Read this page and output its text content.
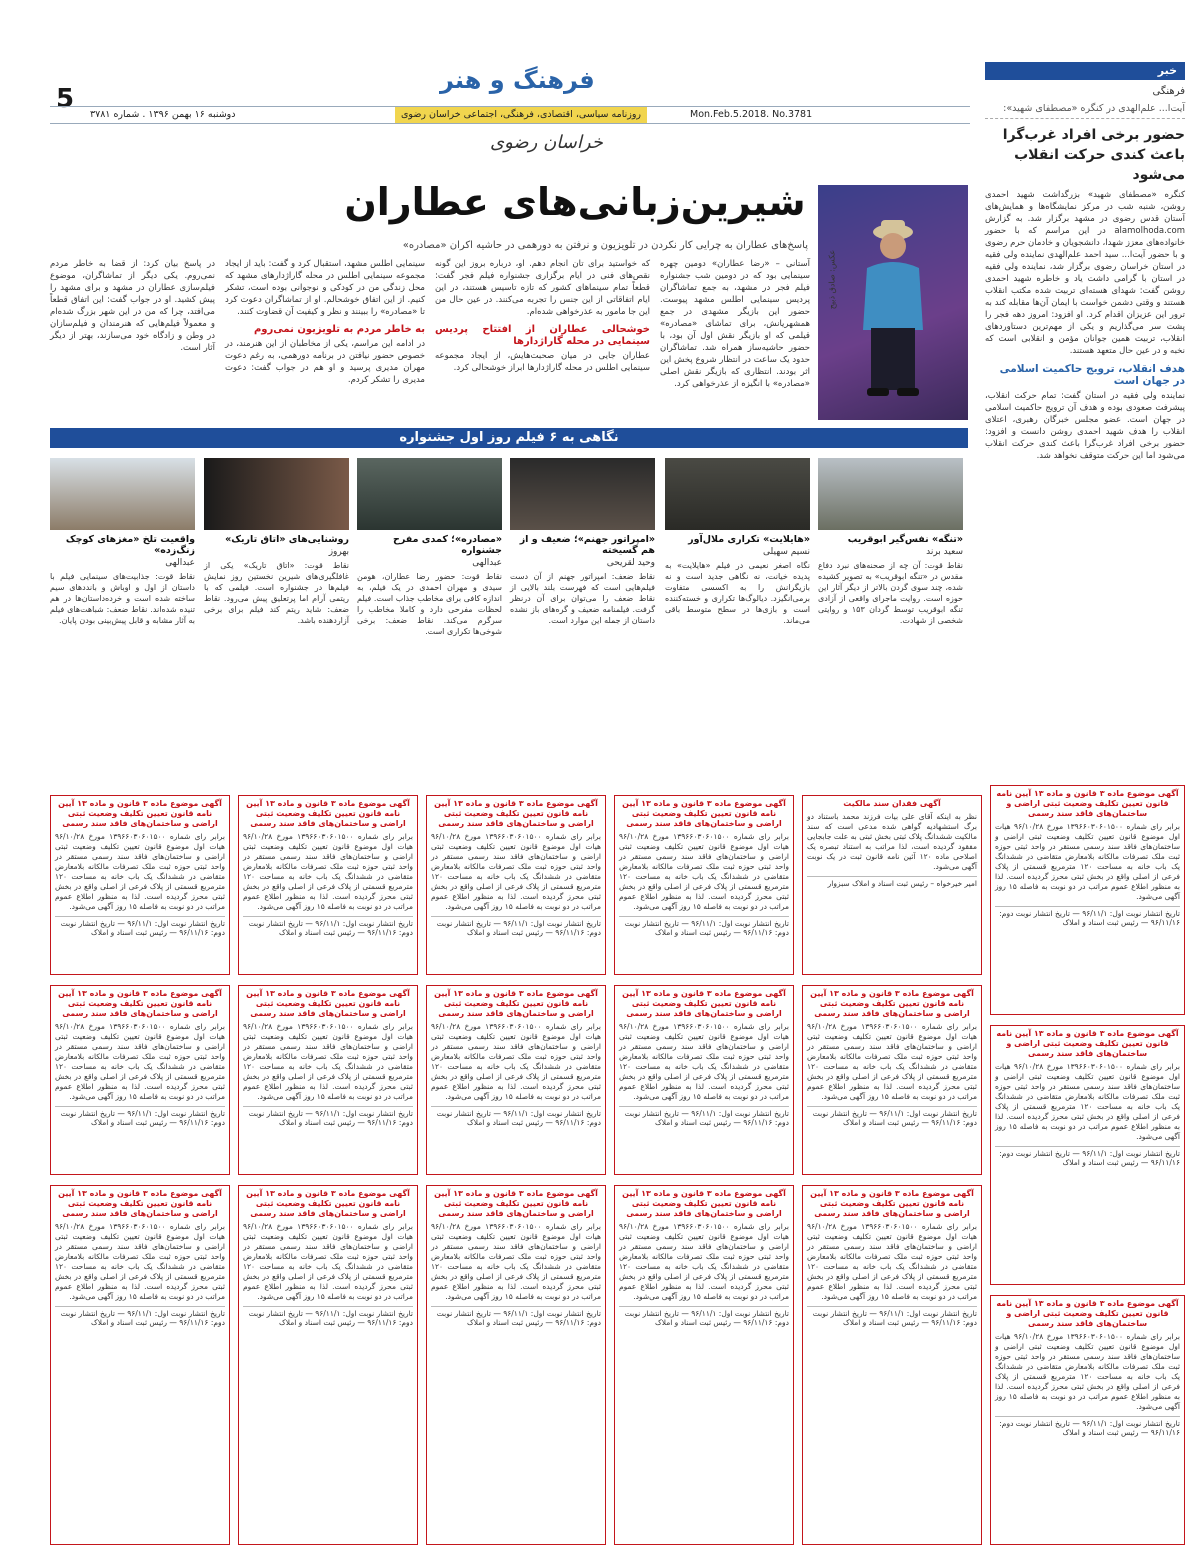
فرهنگ و هنر
5
دوشنبه ۱۶ بهمن ۱۳۹۶ . شماره ۳۷۸۱	روزنامه سیاسی، اقتصادی، فرهنگی، اجتماعی خراسان رضوی	Mon.Feb.5.2018. No.3781
خراسان رضوی
خبر
فرهنگی
آیت‌ا... علم‌الهدی در کنگره «مصطفای شهید»:
حضور برخی افراد غرب‌گرا باعث کندی حرکت انقلاب می‌شود
کنگره «مصطفای شهید» بزرگداشت شهید احمدی روشن، شنبه شب در مرکز نمایشگاه‌ها و همایش‌های آستان قدس رضوی در مشهد برگزار شد. به گزارش alamolhoda.com در این مراسم که با حضور خانواده‌های معزز شهدا، دانشجویان و خادمان حرم رضوی و با حضور آیت‌ا... سید احمد علم‌الهدی نماینده ولی فقیه در استان خراسان رضوی برگزار شد، نماینده ولی فقیه در استان با گرامی داشت یاد و خاطره شهید احمدی روشن گفت: شهدای هسته‌ای تربیت شده مکتب انقلاب هستند و وقتی دشمن خواست با ایمان آن‌ها مقابله کند به ترور این عزیزان اقدام کرد. او افزود: امروز دهه فجر را پشت سر می‌گذاریم و یکی از مهم‌ترین دستاوردهای انقلاب، تربیت همین جوانان مؤمن و انقلابی است که نخبه و در عین حال متعهد هستند.
هدف انقلاب، ترویج حاکمیت اسلامی در جهان است
نماینده ولی فقیه در استان گفت: تمام حرکت انقلاب، پیشرفت صعودی بوده و هدف آن ترویج حاکمیت اسلامی در جهان است. عضو مجلس خبرگان رهبری، اعتلای انقلاب را هدف شهید احمدی روشن دانست و افزود: حضور برخی افراد غرب‌گرا باعث کندی حرکت انقلاب می‌شود اما این حرکت متوقف نخواهد شد.
عکس: صادق ذبیح
شیرین‌زبانی‌های عطاران
پاسخ‌های عطاران به چرایی کار نکردن در تلویزیون و نرفتن به دورهمی در حاشیه اکران «مصادره»
آستانی – «رضا عطاران» دومین چهره سینمایی بود که در دومین شب جشنواره فیلم فجر در مشهد، به جمع تماشاگران پردیس سینمایی اطلس مشهد پیوست. حضور این بازیگر مشهدی در جمع همشهریانش، برای تماشای «مصادره» قیلمی که او بازیگر نقش اول آن بود، با حضور حاشیه‌ساز همراه شد. تماشاگران حدود یک ساعت در انتظار شروع پخش این اثر بودند. انتظاری که بازیگر نقش اصلی «مصادره» با انگیزه از عذرخواهی کرد.
که خواستید برای تان انجام دهم. او، درباره بروز این گونه نقص‌های فنی در ایام برگزاری جشنواره فیلم فجر گفت: قطعاً تمام سینماهای کشور که تازه تاسیس هستند، در این ایام اتفاقاتی از این جنس را تجربه می‌کنند. در عین حال من این جا مامور به عذرخواهی شده‌ام.
خوشحالی عطاران از افتتاح پردیس سینمایی در محله گاراژدارها
عطاران جایی در میان صحبت‌هایش، از ایجاد مجموعه سینمایی اطلس در محله گاراژدارها ابراز خوشحالی کرد.
سینمایی اطلس مشهد، استقبال کرد و گفت: باید از ایجاد مجموعه سینمایی اطلس در محله گاراژدارهای مشهد که محل زندگی من در کودکی و نوجوانی بوده است، تشکر کنیم. از این اتفاق خوشحالم. او از تماشاگران دعوت کرد تا «مصادره» را ببینند و نظر و کیفیت آن قضاوت کنند.
به خاطر مردم به تلویزیون نمی‌روم
در ادامه این مراسم، یکی از مخاطبان از این هنرمند، در خصوص حضور نیافتن در برنامه دورهمی، به رغم دعوت مهران مدیری پرسید و او هم در جواب گفت: دعوت مدیری را تشکر کردم.
در پاسخ بیان کرد: از قضا به خاطر مردم نمی‌روم. یکی دیگر از تماشاگران، موضوع فیلم‌سازی عطاران در مشهد و برای مشهد را پیش کشید. او در جواب گفت: این اتفاق قطعاً می‌افتد، چرا که من در این شهر بزرگ شده‌ام و معمولاً فیلم‌هایی که هنرمندان و فیلم‌سازان در وطن و زادگاه خود می‌سازند، بهتر از دیگر آثار است.
نگاهی به ۶ فیلم روز اول جشنواره
«تنگه» نفس‌گیر ابوقریب
سعید برند
نقاط قوت: آن چه از صحنه‌های نبرد دفاع مقدس در «تنگه ابوقریب» به تصویر کشیده شده، چند سوی گردن بالاتر از دیگر آثار این حوزه است. روایت ماجرای واقعی از آزادی تنگه ابوقریب توسط گردان ۱۵۳ و روایتی شخصی از شهادت.
«هایلایت» تکراری ملال‌آور
نسیم سهیلی
نگاه اصغر نعیمی در فیلم «هایلایت» به پدیده خیانت، نه نگاهی جدید است و نه بازیگرانش را به اکسسی متفاوت برمی‌انگیزد. دیالوگ‌ها تکراری و خسته‌کننده است و بازی‌ها در سطح متوسط باقی می‌ماند.
«امپراتور جهنم»؛ ضعیف و از هم گسیخته
وحید لقریحی
نقاط ضعف: امپراتور جهنم از آن دست فیلم‌هایی است که فهرست بلند بالایی از نقاط ضعف را می‌توان برای آن درنظر گرفت. فیلمنامه ضعیف و گره‌های باز نشده داستان از جمله این موارد است.
«مصادره»؛ کمدی مفرح جشنواره
عبدالهی
نقاط قوت: حضور رضا عطاران، هومن سیدی و مهران احمدی در یک فیلم، به اندازه کافی برای مخاطب جذاب است. فیلم لحظات مفرحی دارد و کاملا مخاطب را سرگرم می‌کند. نقاط ضعف: برخی شوخی‌ها تکراری است.
روشنایی‌های «اتاق تاریک»
بهروز
نقاط قوت: «اتاق تاریک» یکی از غافلگیری‌های شیرین نخستین روز نمایش فیلم‌ها در جشنواره است. فیلمی که با ریتمی آرام اما پرتعلیق پیش می‌رود. نقاط ضعف: شاید ریتم کند فیلم برای برخی آزاردهنده باشد.
واقعیت تلخ «مغزهای کوچک زنگ‌زده»
عبدالهی
نقاط قوت: جذابیت‌های سینمایی فیلم با داستان از اول و اوباش و بانددهای سیم ساخته شده است و خرده‌داستان‌ها در هم تنیده شده‌اند. نقاط ضعف: شباهت‌های فیلم به آثار مشابه و قابل پیش‌بینی بودن پایان.
آگهی موضوع ماده ۳ قانون و ماده ۱۳ آیین نامه قانون تعیین تکلیف وضعیت ثبتی اراضی و ساختمان‌های فاقد سند رسمی
برابر رای شماره ۱۳۹۶۶۰۳۰۶۰۱۵۰۰ مورخ ۹۶/۱۰/۲۸ هیات اول موضوع قانون تعیین تکلیف وضعیت ثبتی اراضی و ساختمان‌های فاقد سند رسمی مستقر در واحد ثبتی حوزه ثبت ملک تصرفات مالکانه بلامعارض متقاضی در ششدانگ یک باب خانه به مساحت ۱۲۰ مترمربع قسمتی از پلاک فرعی از اصلی واقع در بخش ثبتی محرز گردیده است. لذا به منظور اطلاع عموم مراتب در دو نوبت به فاصله ۱۵ روز آگهی می‌شود.
تاریخ انتشار نوبت اول: ۹۶/۱۱/۱ — تاریخ انتشار نوبت دوم: ۹۶/۱۱/۱۶ — رئیس ثبت اسناد و املاک
آگهی موضوع ماده ۳ قانون و ماده ۱۳ آیین نامه قانون تعیین تکلیف وضعیت ثبتی اراضی و ساختمان‌های فاقد سند رسمی
برابر رای شماره ۱۳۹۶۶۰۳۰۶۰۱۵۰۰ مورخ ۹۶/۱۰/۲۸ هیات اول موضوع قانون تعیین تکلیف وضعیت ثبتی اراضی و ساختمان‌های فاقد سند رسمی مستقر در واحد ثبتی حوزه ثبت ملک تصرفات مالکانه بلامعارض متقاضی در ششدانگ یک باب خانه به مساحت ۱۲۰ مترمربع قسمتی از پلاک فرعی از اصلی واقع در بخش ثبتی محرز گردیده است. لذا به منظور اطلاع عموم مراتب در دو نوبت به فاصله ۱۵ روز آگهی می‌شود.
تاریخ انتشار نوبت اول: ۹۶/۱۱/۱ — تاریخ انتشار نوبت دوم: ۹۶/۱۱/۱۶ — رئیس ثبت اسناد و املاک
آگهی موضوع ماده ۳ قانون و ماده ۱۳ آیین نامه قانون تعیین تکلیف وضعیت ثبتی اراضی و ساختمان‌های فاقد سند رسمی
برابر رای شماره ۱۳۹۶۶۰۳۰۶۰۱۵۰۰ مورخ ۹۶/۱۰/۲۸ هیات اول موضوع قانون تعیین تکلیف وضعیت ثبتی اراضی و ساختمان‌های فاقد سند رسمی مستقر در واحد ثبتی حوزه ثبت ملک تصرفات مالکانه بلامعارض متقاضی در ششدانگ یک باب خانه به مساحت ۱۲۰ مترمربع قسمتی از پلاک فرعی از اصلی واقع در بخش ثبتی محرز گردیده است. لذا به منظور اطلاع عموم مراتب در دو نوبت به فاصله ۱۵ روز آگهی می‌شود.
تاریخ انتشار نوبت اول: ۹۶/۱۱/۱ — تاریخ انتشار نوبت دوم: ۹۶/۱۱/۱۶ — رئیس ثبت اسناد و املاک
آگهی فقدان سند مالکیت
نظر به اینکه آقای علی بیات فرزند محمد باستناد دو برگ استشهادیه گواهی شده مدعی است که سند مالکیت ششدانگ پلاک ثبتی بخش ثبتی به علت جابجایی مفقود گردیده است، لذا مراتب به استناد تبصره یک اصلاحی ماده ۱۲۰ آئین نامه قانون ثبت در یک نوبت آگهی می‌شود.
امیر خیرخواه – رئیس ثبت اسناد و املاک سبزوار
آگهی موضوع ماده ۳ قانون و ماده ۱۳ آیین نامه قانون تعیین تکلیف وضعیت ثبتی اراضی و ساختمان‌های فاقد سند رسمی
برابر رای شماره ۱۳۹۶۶۰۳۰۶۰۱۵۰۰ مورخ ۹۶/۱۰/۲۸ هیات اول موضوع قانون تعیین تکلیف وضعیت ثبتی اراضی و ساختمان‌های فاقد سند رسمی مستقر در واحد ثبتی حوزه ثبت ملک تصرفات مالکانه بلامعارض متقاضی در ششدانگ یک باب خانه به مساحت ۱۲۰ مترمربع قسمتی از پلاک فرعی از اصلی واقع در بخش ثبتی محرز گردیده است. لذا به منظور اطلاع عموم مراتب در دو نوبت به فاصله ۱۵ روز آگهی می‌شود.
تاریخ انتشار نوبت اول: ۹۶/۱۱/۱ — تاریخ انتشار نوبت دوم: ۹۶/۱۱/۱۶ — رئیس ثبت اسناد و املاک
آگهی موضوع ماده ۳ قانون و ماده ۱۳ آیین نامه قانون تعیین تکلیف وضعیت ثبتی اراضی و ساختمان‌های فاقد سند رسمی
برابر رای شماره ۱۳۹۶۶۰۳۰۶۰۱۵۰۰ مورخ ۹۶/۱۰/۲۸ هیات اول موضوع قانون تعیین تکلیف وضعیت ثبتی اراضی و ساختمان‌های فاقد سند رسمی مستقر در واحد ثبتی حوزه ثبت ملک تصرفات مالکانه بلامعارض متقاضی در ششدانگ یک باب خانه به مساحت ۱۲۰ مترمربع قسمتی از پلاک فرعی از اصلی واقع در بخش ثبتی محرز گردیده است. لذا به منظور اطلاع عموم مراتب در دو نوبت به فاصله ۱۵ روز آگهی می‌شود.
تاریخ انتشار نوبت اول: ۹۶/۱۱/۱ — تاریخ انتشار نوبت دوم: ۹۶/۱۱/۱۶ — رئیس ثبت اسناد و املاک
آگهی موضوع ماده ۳ قانون و ماده ۱۳ آیین نامه قانون تعیین تکلیف وضعیت ثبتی اراضی و ساختمان‌های فاقد سند رسمی
برابر رای شماره ۱۳۹۶۶۰۳۰۶۰۱۵۰۰ مورخ ۹۶/۱۰/۲۸ هیات اول موضوع قانون تعیین تکلیف وضعیت ثبتی اراضی و ساختمان‌های فاقد سند رسمی مستقر در واحد ثبتی حوزه ثبت ملک تصرفات مالکانه بلامعارض متقاضی در ششدانگ یک باب خانه به مساحت ۱۲۰ مترمربع قسمتی از پلاک فرعی از اصلی واقع در بخش ثبتی محرز گردیده است. لذا به منظور اطلاع عموم مراتب در دو نوبت به فاصله ۱۵ روز آگهی می‌شود.
تاریخ انتشار نوبت اول: ۹۶/۱۱/۱ — تاریخ انتشار نوبت دوم: ۹۶/۱۱/۱۶ — رئیس ثبت اسناد و املاک
آگهی موضوع ماده ۳ قانون و ماده ۱۳ آیین نامه قانون تعیین تکلیف وضعیت ثبتی اراضی و ساختمان‌های فاقد سند رسمی
برابر رای شماره ۱۳۹۶۶۰۳۰۶۰۱۵۰۰ مورخ ۹۶/۱۰/۲۸ هیات اول موضوع قانون تعیین تکلیف وضعیت ثبتی اراضی و ساختمان‌های فاقد سند رسمی مستقر در واحد ثبتی حوزه ثبت ملک تصرفات مالکانه بلامعارض متقاضی در ششدانگ یک باب خانه به مساحت ۱۲۰ مترمربع قسمتی از پلاک فرعی از اصلی واقع در بخش ثبتی محرز گردیده است. لذا به منظور اطلاع عموم مراتب در دو نوبت به فاصله ۱۵ روز آگهی می‌شود.
تاریخ انتشار نوبت اول: ۹۶/۱۱/۱ — تاریخ انتشار نوبت دوم: ۹۶/۱۱/۱۶ — رئیس ثبت اسناد و املاک
آگهی موضوع ماده ۳ قانون و ماده ۱۳ آیین نامه قانون تعیین تکلیف وضعیت ثبتی اراضی و ساختمان‌های فاقد سند رسمی
برابر رای شماره ۱۳۹۶۶۰۳۰۶۰۱۵۰۰ مورخ ۹۶/۱۰/۲۸ هیات اول موضوع قانون تعیین تکلیف وضعیت ثبتی اراضی و ساختمان‌های فاقد سند رسمی مستقر در واحد ثبتی حوزه ثبت ملک تصرفات مالکانه بلامعارض متقاضی در ششدانگ یک باب خانه به مساحت ۱۲۰ مترمربع قسمتی از پلاک فرعی از اصلی واقع در بخش ثبتی محرز گردیده است. لذا به منظور اطلاع عموم مراتب در دو نوبت به فاصله ۱۵ روز آگهی می‌شود.
تاریخ انتشار نوبت اول: ۹۶/۱۱/۱ — تاریخ انتشار نوبت دوم: ۹۶/۱۱/۱۶ — رئیس ثبت اسناد و املاک
آگهی موضوع ماده ۳ قانون و ماده ۱۳ آیین نامه قانون تعیین تکلیف وضعیت ثبتی اراضی و ساختمان‌های فاقد سند رسمی
برابر رای شماره ۱۳۹۶۶۰۳۰۶۰۱۵۰۰ مورخ ۹۶/۱۰/۲۸ هیات اول موضوع قانون تعیین تکلیف وضعیت ثبتی اراضی و ساختمان‌های فاقد سند رسمی مستقر در واحد ثبتی حوزه ثبت ملک تصرفات مالکانه بلامعارض متقاضی در ششدانگ یک باب خانه به مساحت ۱۲۰ مترمربع قسمتی از پلاک فرعی از اصلی واقع در بخش ثبتی محرز گردیده است. لذا به منظور اطلاع عموم مراتب در دو نوبت به فاصله ۱۵ روز آگهی می‌شود.
تاریخ انتشار نوبت اول: ۹۶/۱۱/۱ — تاریخ انتشار نوبت دوم: ۹۶/۱۱/۱۶ — رئیس ثبت اسناد و املاک
آگهی موضوع ماده ۳ قانون و ماده ۱۳ آیین نامه قانون تعیین تکلیف وضعیت ثبتی اراضی و ساختمان‌های فاقد سند رسمی
برابر رای شماره ۱۳۹۶۶۰۳۰۶۰۱۵۰۰ مورخ ۹۶/۱۰/۲۸ هیات اول موضوع قانون تعیین تکلیف وضعیت ثبتی اراضی و ساختمان‌های فاقد سند رسمی مستقر در واحد ثبتی حوزه ثبت ملک تصرفات مالکانه بلامعارض متقاضی در ششدانگ یک باب خانه به مساحت ۱۲۰ مترمربع قسمتی از پلاک فرعی از اصلی واقع در بخش ثبتی محرز گردیده است. لذا به منظور اطلاع عموم مراتب در دو نوبت به فاصله ۱۵ روز آگهی می‌شود.
تاریخ انتشار نوبت اول: ۹۶/۱۱/۱ — تاریخ انتشار نوبت دوم: ۹۶/۱۱/۱۶ — رئیس ثبت اسناد و املاک
آگهی موضوع ماده ۳ قانون و ماده ۱۳ آیین نامه قانون تعیین تکلیف وضعیت ثبتی اراضی و ساختمان‌های فاقد سند رسمی
برابر رای شماره ۱۳۹۶۶۰۳۰۶۰۱۵۰۰ مورخ ۹۶/۱۰/۲۸ هیات اول موضوع قانون تعیین تکلیف وضعیت ثبتی اراضی و ساختمان‌های فاقد سند رسمی مستقر در واحد ثبتی حوزه ثبت ملک تصرفات مالکانه بلامعارض متقاضی در ششدانگ یک باب خانه به مساحت ۱۲۰ مترمربع قسمتی از پلاک فرعی از اصلی واقع در بخش ثبتی محرز گردیده است. لذا به منظور اطلاع عموم مراتب در دو نوبت به فاصله ۱۵ روز آگهی می‌شود.
تاریخ انتشار نوبت اول: ۹۶/۱۱/۱ — تاریخ انتشار نوبت دوم: ۹۶/۱۱/۱۶ — رئیس ثبت اسناد و املاک
آگهی موضوع ماده ۳ قانون و ماده ۱۳ آیین نامه قانون تعیین تکلیف وضعیت ثبتی اراضی و ساختمان‌های فاقد سند رسمی
برابر رای شماره ۱۳۹۶۶۰۳۰۶۰۱۵۰۰ مورخ ۹۶/۱۰/۲۸ هیات اول موضوع قانون تعیین تکلیف وضعیت ثبتی اراضی و ساختمان‌های فاقد سند رسمی مستقر در واحد ثبتی حوزه ثبت ملک تصرفات مالکانه بلامعارض متقاضی در ششدانگ یک باب خانه به مساحت ۱۲۰ مترمربع قسمتی از پلاک فرعی از اصلی واقع در بخش ثبتی محرز گردیده است. لذا به منظور اطلاع عموم مراتب در دو نوبت به فاصله ۱۵ روز آگهی می‌شود.
تاریخ انتشار نوبت اول: ۹۶/۱۱/۱ — تاریخ انتشار نوبت دوم: ۹۶/۱۱/۱۶ — رئیس ثبت اسناد و املاک
آگهی موضوع ماده ۳ قانون و ماده ۱۳ آیین نامه قانون تعیین تکلیف وضعیت ثبتی اراضی و ساختمان‌های فاقد سند رسمی
برابر رای شماره ۱۳۹۶۶۰۳۰۶۰۱۵۰۰ مورخ ۹۶/۱۰/۲۸ هیات اول موضوع قانون تعیین تکلیف وضعیت ثبتی اراضی و ساختمان‌های فاقد سند رسمی مستقر در واحد ثبتی حوزه ثبت ملک تصرفات مالکانه بلامعارض متقاضی در ششدانگ یک باب خانه به مساحت ۱۲۰ مترمربع قسمتی از پلاک فرعی از اصلی واقع در بخش ثبتی محرز گردیده است. لذا به منظور اطلاع عموم مراتب در دو نوبت به فاصله ۱۵ روز آگهی می‌شود.
تاریخ انتشار نوبت اول: ۹۶/۱۱/۱ — تاریخ انتشار نوبت دوم: ۹۶/۱۱/۱۶ — رئیس ثبت اسناد و املاک
آگهی موضوع ماده ۳ قانون و ماده ۱۳ آیین نامه قانون تعیین تکلیف وضعیت ثبتی اراضی و ساختمان‌های فاقد سند رسمی
برابر رای شماره ۱۳۹۶۶۰۳۰۶۰۱۵۰۰ مورخ ۹۶/۱۰/۲۸ هیات اول موضوع قانون تعیین تکلیف وضعیت ثبتی اراضی و ساختمان‌های فاقد سند رسمی مستقر در واحد ثبتی حوزه ثبت ملک تصرفات مالکانه بلامعارض متقاضی در ششدانگ یک باب خانه به مساحت ۱۲۰ مترمربع قسمتی از پلاک فرعی از اصلی واقع در بخش ثبتی محرز گردیده است. لذا به منظور اطلاع عموم مراتب در دو نوبت به فاصله ۱۵ روز آگهی می‌شود.
تاریخ انتشار نوبت اول: ۹۶/۱۱/۱ — تاریخ انتشار نوبت دوم: ۹۶/۱۱/۱۶ — رئیس ثبت اسناد و املاک
آگهی موضوع ماده ۳ قانون و ماده ۱۳ آیین نامه قانون تعیین تکلیف وضعیت ثبتی اراضی و ساختمان‌های فاقد سند رسمی
برابر رای شماره ۱۳۹۶۶۰۳۰۶۰۱۵۰۰ مورخ ۹۶/۱۰/۲۸ هیات اول موضوع قانون تعیین تکلیف وضعیت ثبتی اراضی و ساختمان‌های فاقد سند رسمی مستقر در واحد ثبتی حوزه ثبت ملک تصرفات مالکانه بلامعارض متقاضی در ششدانگ یک باب خانه به مساحت ۱۲۰ مترمربع قسمتی از پلاک فرعی از اصلی واقع در بخش ثبتی محرز گردیده است. لذا به منظور اطلاع عموم مراتب در دو نوبت به فاصله ۱۵ روز آگهی می‌شود.
تاریخ انتشار نوبت اول: ۹۶/۱۱/۱ — تاریخ انتشار نوبت دوم: ۹۶/۱۱/۱۶ — رئیس ثبت اسناد و املاک
آگهی موضوع ماده ۳ قانون و ماده ۱۳ آیین نامه قانون تعیین تکلیف وضعیت ثبتی اراضی و ساختمان‌های فاقد سند رسمی
برابر رای شماره ۱۳۹۶۶۰۳۰۶۰۱۵۰۰ مورخ ۹۶/۱۰/۲۸ هیات اول موضوع قانون تعیین تکلیف وضعیت ثبتی اراضی و ساختمان‌های فاقد سند رسمی مستقر در واحد ثبتی حوزه ثبت ملک تصرفات مالکانه بلامعارض متقاضی در ششدانگ یک باب خانه به مساحت ۱۲۰ مترمربع قسمتی از پلاک فرعی از اصلی واقع در بخش ثبتی محرز گردیده است. لذا به منظور اطلاع عموم مراتب در دو نوبت به فاصله ۱۵ روز آگهی می‌شود.
تاریخ انتشار نوبت اول: ۹۶/۱۱/۱ — تاریخ انتشار نوبت دوم: ۹۶/۱۱/۱۶ — رئیس ثبت اسناد و املاک
آگهی موضوع ماده ۳ قانون و ماده ۱۳ آیین نامه قانون تعیین تکلیف وضعیت ثبتی اراضی و ساختمان‌های فاقد سند رسمی
برابر رای شماره ۱۳۹۶۶۰۳۰۶۰۱۵۰۰ مورخ ۹۶/۱۰/۲۸ هیات اول موضوع قانون تعیین تکلیف وضعیت ثبتی اراضی و ساختمان‌های فاقد سند رسمی مستقر در واحد ثبتی حوزه ثبت ملک تصرفات مالکانه بلامعارض متقاضی در ششدانگ یک باب خانه به مساحت ۱۲۰ مترمربع قسمتی از پلاک فرعی از اصلی واقع در بخش ثبتی محرز گردیده است. لذا به منظور اطلاع عموم مراتب در دو نوبت به فاصله ۱۵ روز آگهی می‌شود.
تاریخ انتشار نوبت اول: ۹۶/۱۱/۱ — تاریخ انتشار نوبت دوم: ۹۶/۱۱/۱۶ — رئیس ثبت اسناد و املاک
